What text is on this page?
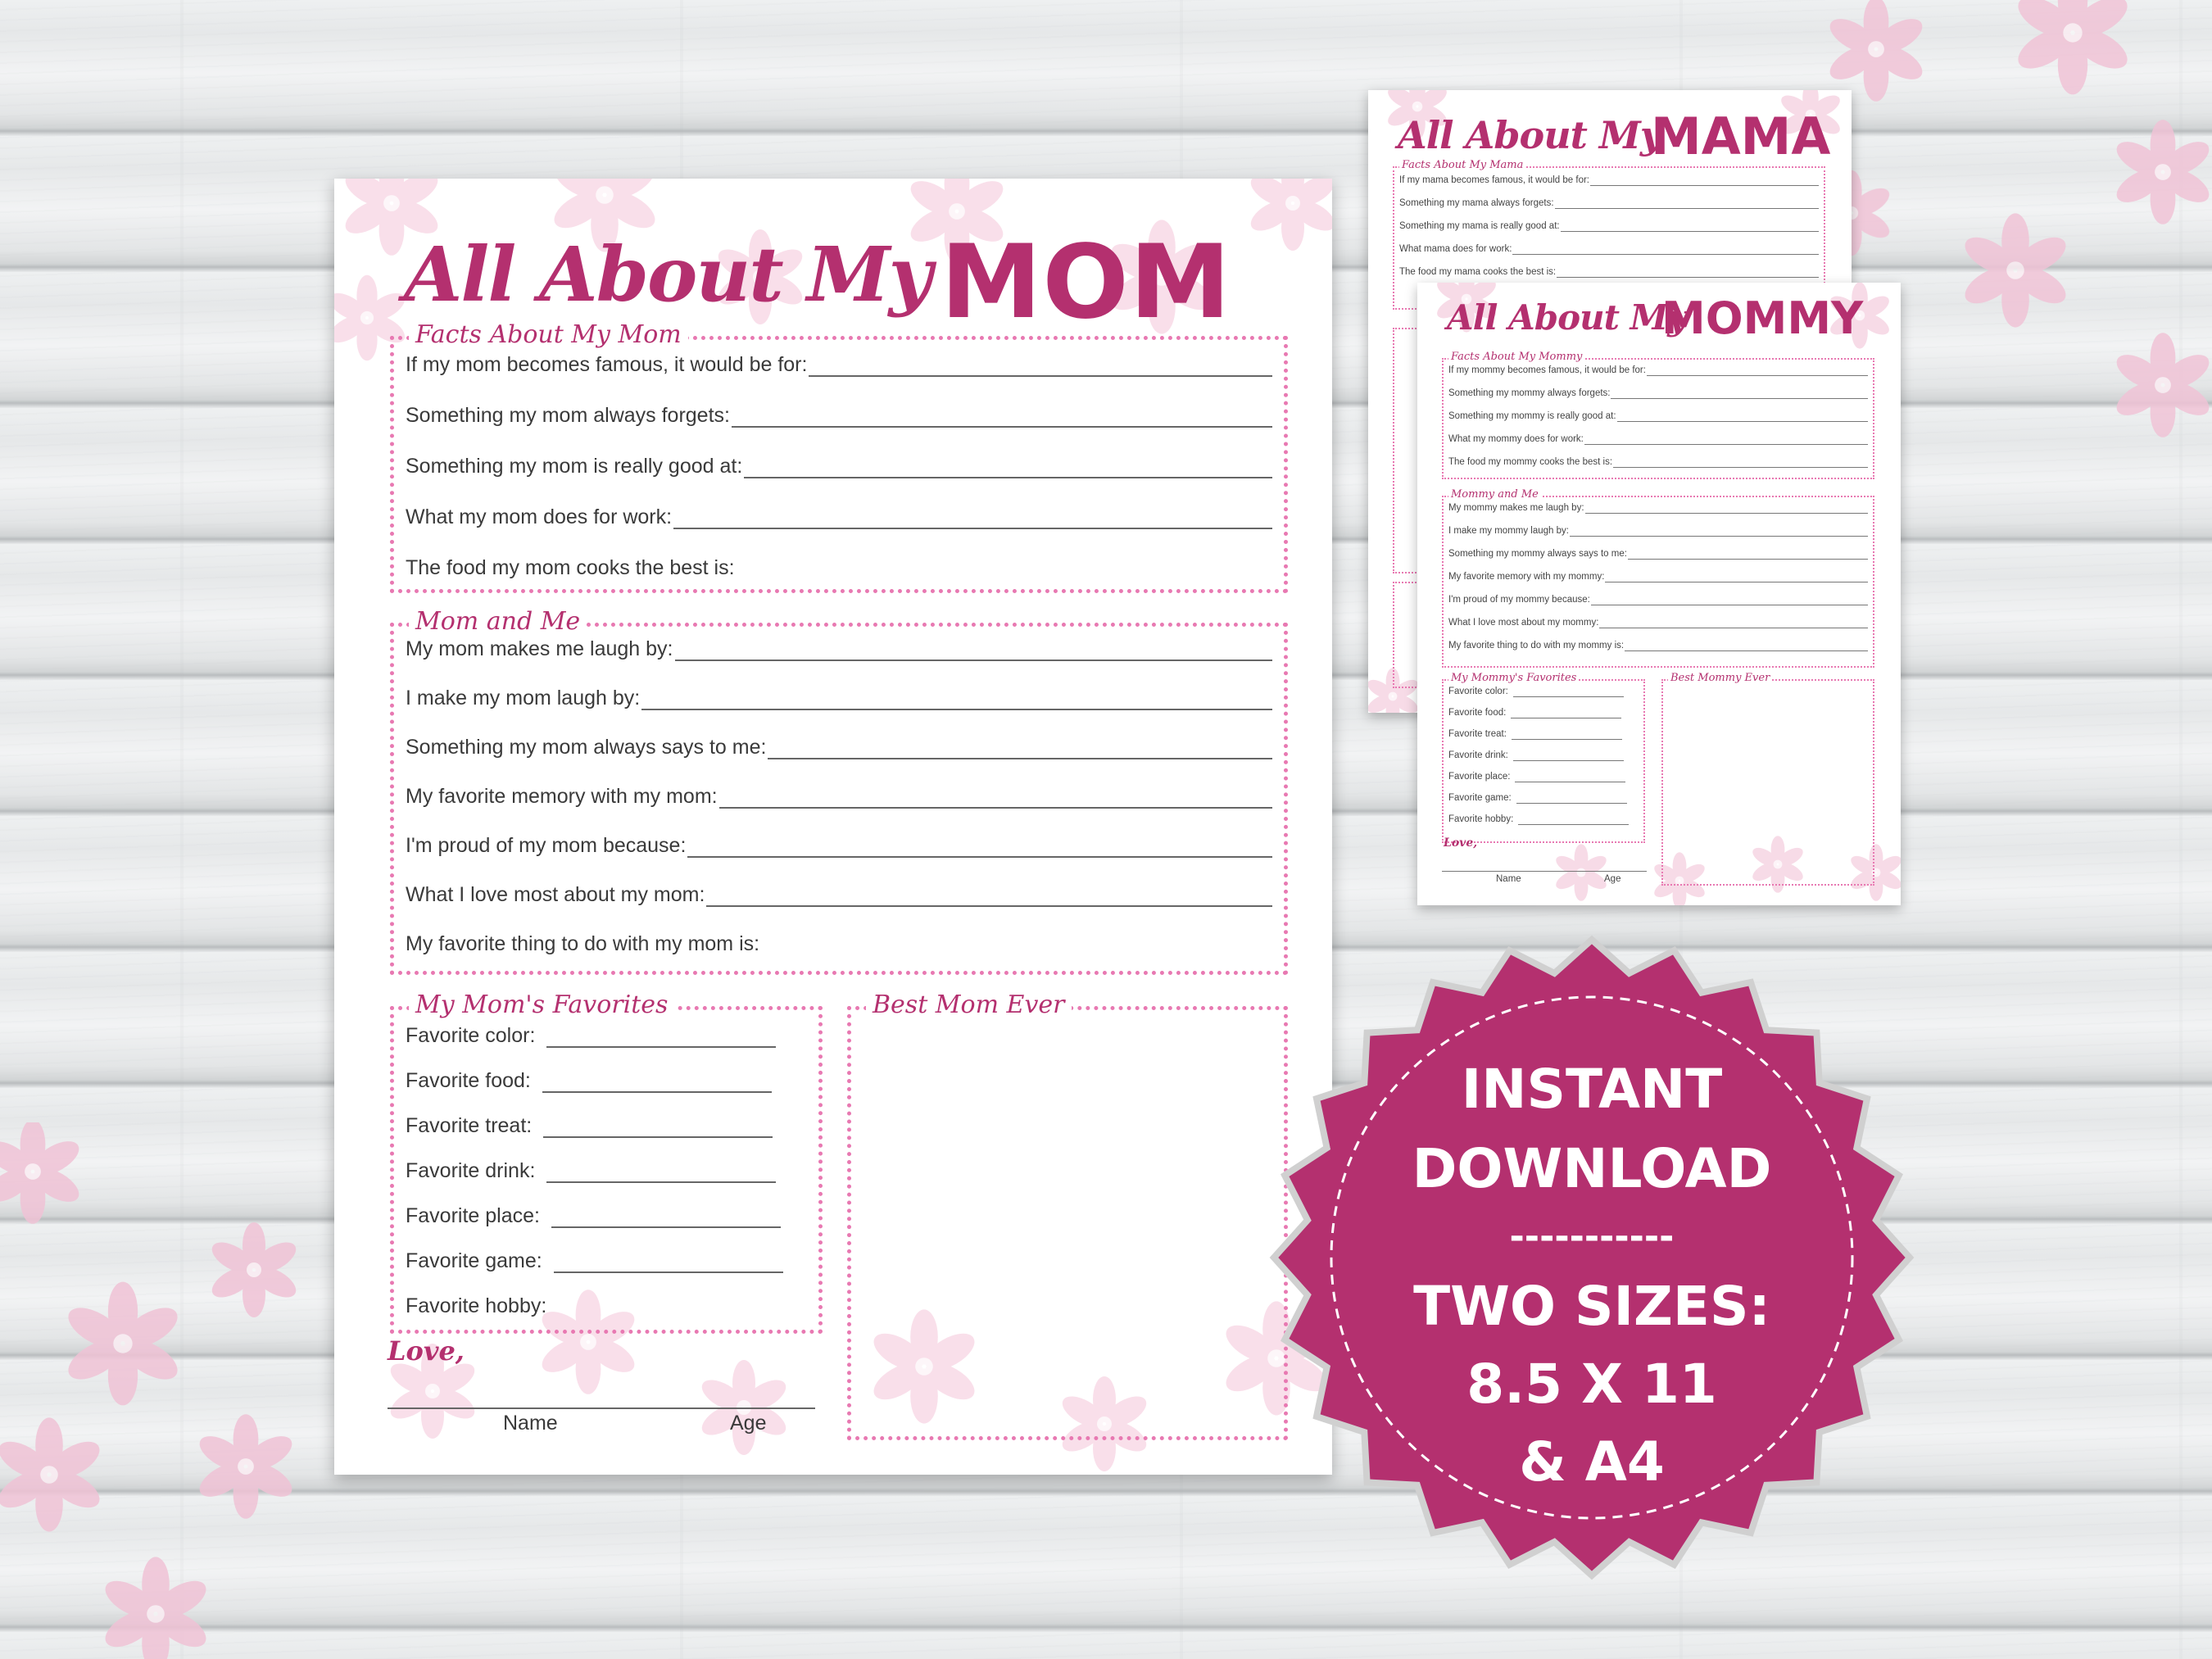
All About My
MAMA
Facts About My Mama
If my mama becomes famous, it would be for:
Something my mama always forgets:
Something my mama is really good at:
What mama does for work:
The food my mama cooks the best is:
All About My
MOMMY
Facts About My Mommy
If my mommy becomes famous, it would be for:
Something my mommy always forgets:
Something my mommy is really good at:
What my mommy does for work:
The food my mommy cooks the best is:
Mommy and Me
My mommy makes me laugh by:
I make my mommy laugh by:
Something my mommy always says to me:
My favorite memory with my mommy:
I'm proud of my mommy because:
What I love most about my mommy:
My favorite thing to do with my mommy is:
My Mommy's Favorites
Favorite color:
Favorite food:
Favorite treat:
Favorite drink:
Favorite place:
Favorite game:
Favorite hobby:
Best Mommy Ever
Love,
Name	Age
All About My MOM
Facts About My Mom
If my mom becomes famous, it would be for:
Something my mom always forgets:
Something my mom is really good at:
What my mom does for work:
The food my mom cooks the best is:
Mom and Me
My mom makes me laugh by:
I make my mom laugh by:
Something my mom always says to me:
My favorite memory with my mom:
I'm proud of my mom because:
What I love most about my mom:
My favorite thing to do with my mom is:
My Mom's Favorites
Favorite color:
Favorite food:
Favorite treat:
Favorite drink:
Favorite place:
Favorite game:
Favorite hobby:
Best Mom Ever
Love,
Name	Age
INSTANT
DOWNLOAD
-----------
TWO SIZES:
8.5 X 11
& A4
